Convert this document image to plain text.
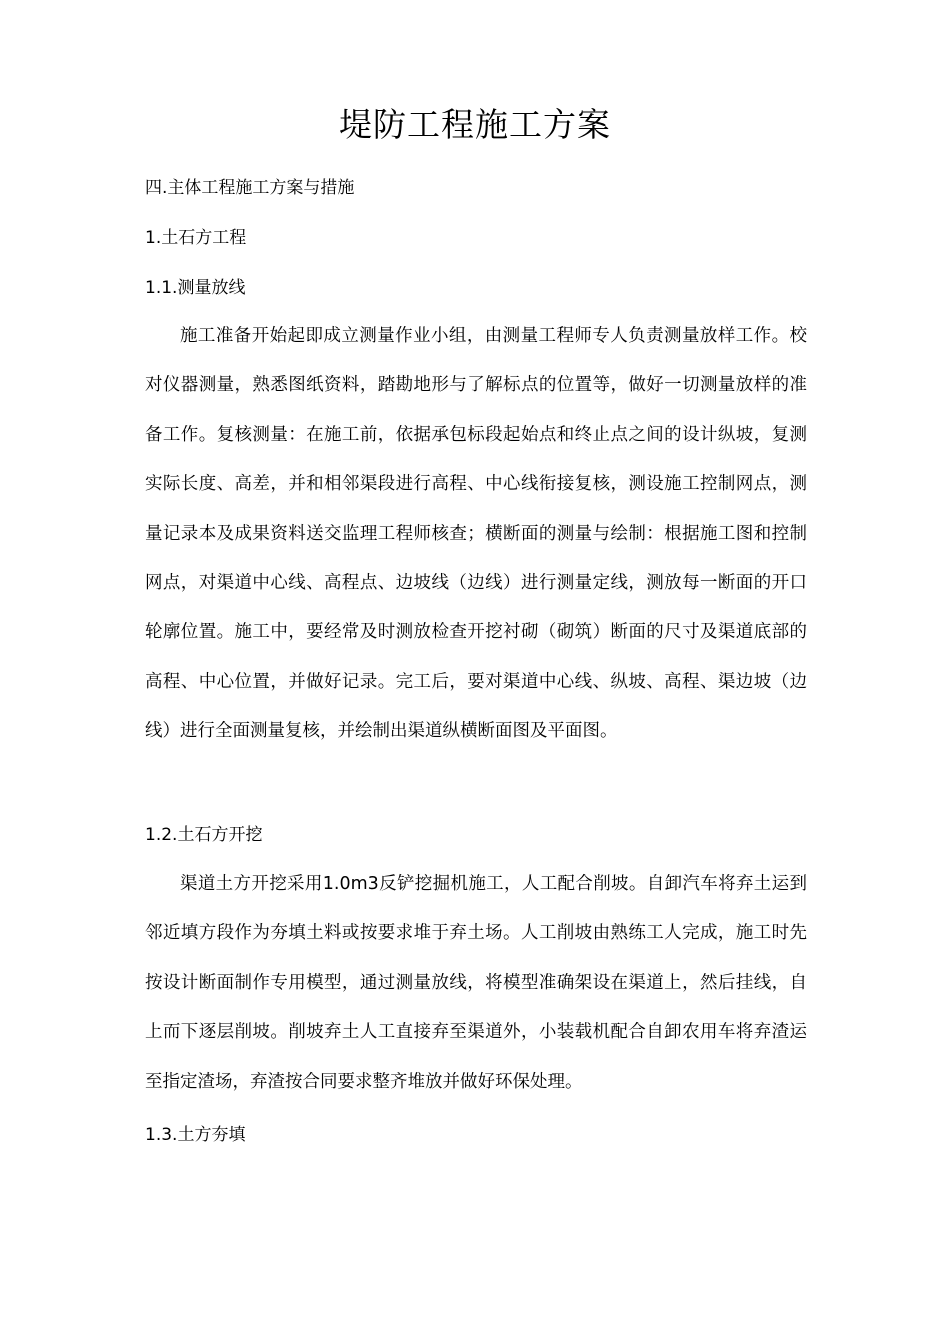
堤防工程施工方案
四.主体工程施工方案与措施
1.土石方工程
1.1.测量放线

施工准备开始起即成立测量作业小组，由测量工程师专人负责测量放样工作。校对仪器测量，熟悉图纸资料，踏勘地形与了解标点的位置等，做好一切测量放样的准备工作。复核测量：在施工前，依据承包标段起始点和终止点之间的设计纵坡，复测实际长度、高差，并和相邻渠段进行高程、中心线衔接复核，测设施工控制网点，测量记录本及成果资料送交监理工程师核查；横断面的测量与绘制：根据施工图和控制网点，对渠道中心线、高程点、边坡线（边线）进行测量定线，测放每一断面的开口轮廓位置。施工中，要经常及时测放检查开挖衬砌（砌筑）断面的尺寸及渠道底部的高程、中心位置，并做好记录。完工后，要对渠道中心线、纵坡、高程、渠边坡（边线）进行全面测量复核，并绘制出渠道纵横断面图及平面图。

1.2.土石方开挖

渠道土方开挖采用1.0m3反铲挖掘机施工，人工配合削坡。自卸汽车将弃土运到邻近填方段作为夯填土料或按要求堆于弃土场。人工削坡由熟练工人完成，施工时先按设计断面制作专用模型，通过测量放线，将模型准确架设在渠道上，然后挂线，自上而下逐层削坡。削坡弃土人工直接弃至渠道外，小装载机配合自卸农用车将弃渣运至指定渣场，弃渣按合同要求整齐堆放并做好环保处理。

1.3.土方夯填
